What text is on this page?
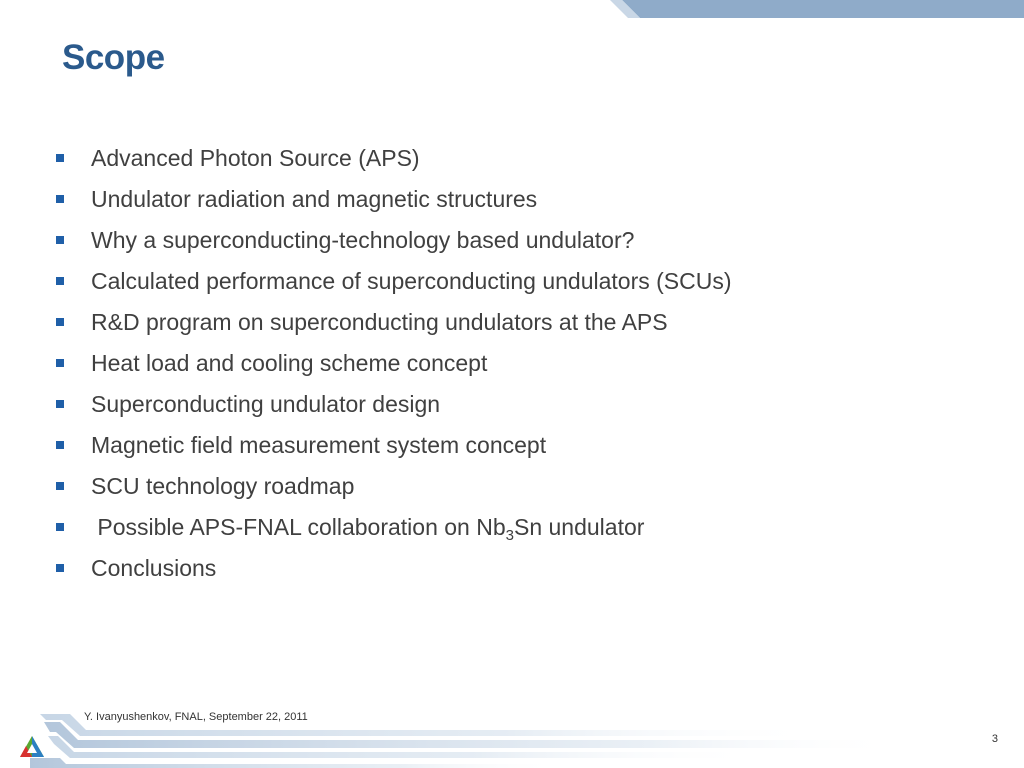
Scope
Advanced Photon Source (APS)
Undulator radiation and magnetic structures
Why a superconducting-technology based undulator?
Calculated performance of superconducting undulators (SCUs)
R&D program on superconducting undulators at the APS
Heat load and cooling scheme concept
Superconducting undulator design
Magnetic field measurement system concept
SCU technology roadmap
Possible APS-FNAL collaboration on $Nb_3Sn$ undulator
Conclusions
Y. Ivanyushenkov, FNAL, September 22, 2011
3
